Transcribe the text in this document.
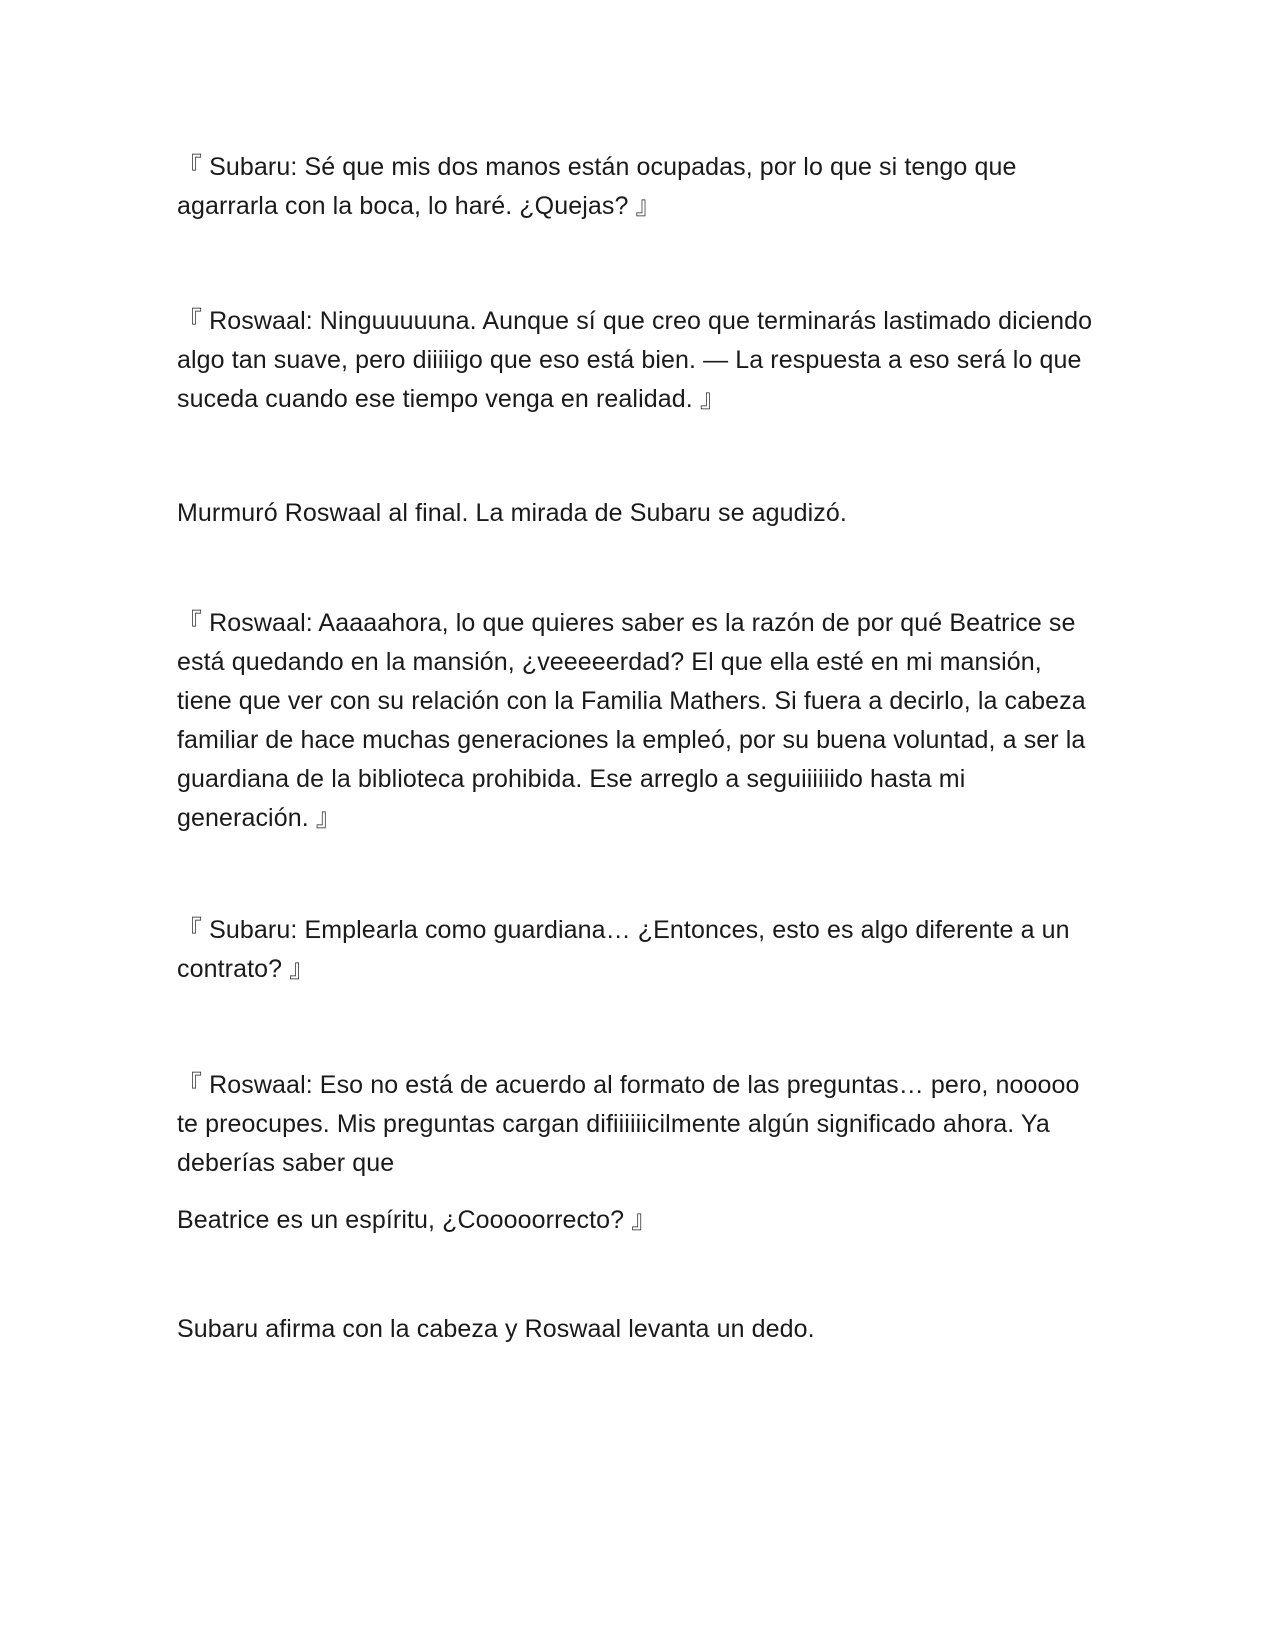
『 Subaru: Sé que mis dos manos están ocupadas, por lo que si tengo que agarrarla con la boca, lo haré. ¿Quejas? 』

『 Roswaal: Ninguuuuuna. Aunque sí que creo que terminarás lastimado diciendo algo tan suave, pero diiiiigo que eso está bien. — La respuesta a eso será lo que suceda cuando ese tiempo venga en realidad. 』

Murmuró Roswaal al final. La mirada de Subaru se agudizó.

『 Roswaal: Aaaaahora, lo que quieres saber es la razón de por qué Beatrice se está quedando en la mansión, ¿veeeeerdad? El que ella esté en mi mansión, tiene que ver con su relación con la Familia Mathers. Si fuera a decirlo, la cabeza familiar de hace muchas generaciones la empleó, por su buena voluntad, a ser la guardiana de la biblioteca prohibida. Ese arreglo a seguiiiiiido hasta mi generación. 』

『 Subaru: Emplearla como guardiana… ¿Entonces, esto es algo diferente a un contrato? 』

『 Roswaal: Eso no está de acuerdo al formato de las preguntas… pero, nooooo te preocupes. Mis preguntas cargan difiiiiiicilmente algún significado ahora. Ya deberías saber que

Beatrice es un espíritu, ¿Cooooorrecto? 』

Subaru afirma con la cabeza y Roswaal levanta un dedo.
